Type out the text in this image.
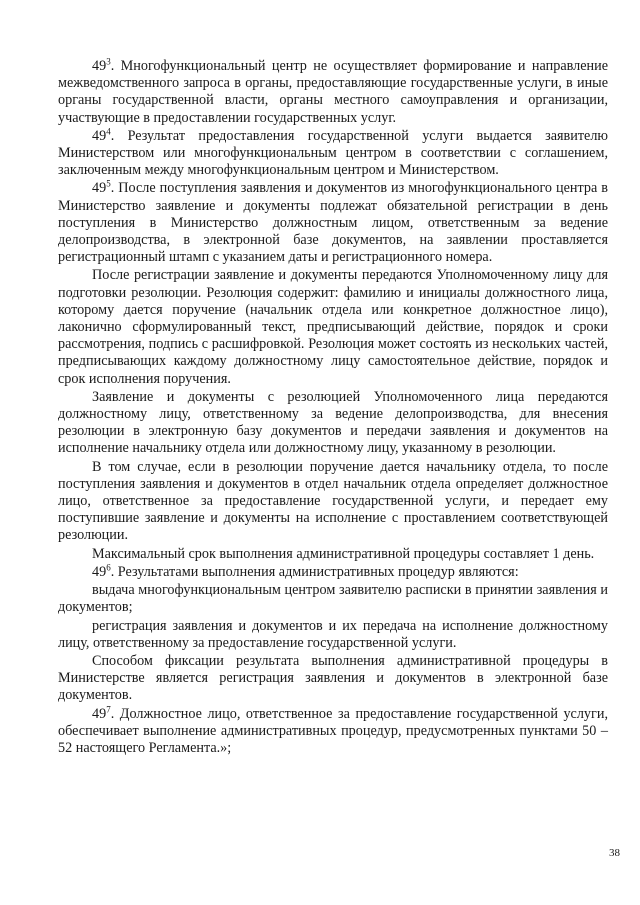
$49^3$. Многофункциональный центр не осуществляет формирование и направление межведомственного запроса в органы, предоставляющие государственные услуги, в иные органы государственной власти, органы местного самоуправления и организации, участвующие в предоставлении государственных услуг.

$49^4$. Результат предоставления государственной услуги выдается заявителю Министерством или многофункциональным центром в соответствии с соглашением, заключенным между многофункциональным центром и Министерством.

$49^5$. После поступления заявления и документов из многофункционального центра в Министерство заявление и документы подлежат обязательной регистрации в день поступления в Министерство должностным лицом, ответственным за ведение делопроизводства, в электронной базе документов, на заявлении проставляется регистрационный штамп с указанием даты и регистрационного номера.

После регистрации заявление и документы передаются Уполномоченному лицу для подготовки резолюции. Резолюция содержит: фамилию и инициалы должностного лица, которому дается поручение (начальник отдела или конкретное должностное лицо), лаконично сформулированный текст, предписывающий действие, порядок и сроки рассмотрения, подпись с расшифровкой. Резолюция может состоять из нескольких частей, предписывающих каждому должностному лицу самостоятельное действие, порядок и срок исполнения поручения.

Заявление и документы с резолюцией Уполномоченного лица передаются должностному лицу, ответственному за ведение делопроизводства, для внесения резолюции в электронную базу документов и передачи заявления и документов на исполнение начальнику отдела или должностному лицу, указанному в резолюции.

В том случае, если в резолюции поручение дается начальнику отдела, то после поступления заявления и документов в отдел начальник отдела определяет должностное лицо, ответственное за предоставление государственной услуги, и передает ему поступившие заявление и документы на исполнение с проставлением соответствующей резолюции.

Максимальный срок выполнения административной процедуры составляет 1 день.

$49^6$. Результатами выполнения административных процедур являются:

выдача многофункциональным центром заявителю расписки в принятии заявления и документов;

регистрация заявления и документов и их передача на исполнение должностному лицу, ответственному за предоставление государственной услуги.

Способом фиксации результата выполнения административной процедуры в Министерстве является регистрация заявления и документов в электронной базе документов.

$49^7$. Должностное лицо, ответственное за предоставление государственной услуги, обеспечивает выполнение административных процедур, предусмотренных пунктами 50 – 52 настоящего Регламента.»;

38
